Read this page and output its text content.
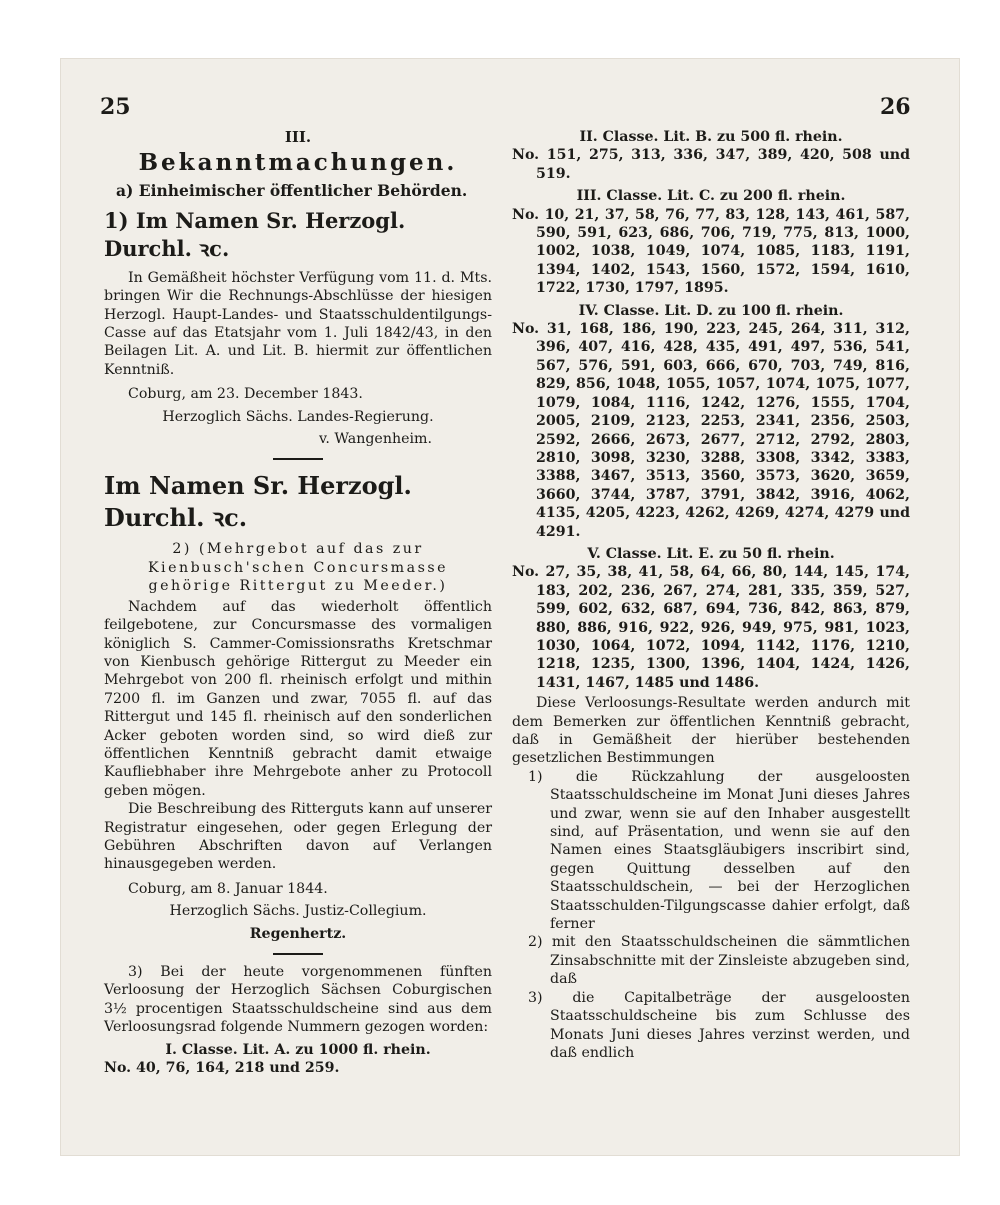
25	26
III.
Bekanntmachungen.
a) Einheimischer öffentlicher Behörden.
1) Im Namen Sr. Herzogl. Durchl. ꝛc.

In Gemäßheit höchster Verfügung vom 11. d. Mts. bringen Wir die Rechnungs-Abschlüsse der hiesigen Herzogl. Haupt-Landes- und Staatsschuldentilgungs-Casse auf das Etatsjahr vom 1. Juli 1842/43, in den Beilagen Lit. A. und Lit. B. hiermit zur öffentlichen Kenntniß.

Coburg, am 23. December 1843.
Herzoglich Sächs. Landes-Regierung.
v. Wangenheim.
Im Namen Sr. Herzogl. Durchl. ꝛc.

2) (Mehrgebot auf das zur Kienbusch'schen Concursmasse gehörige Rittergut zu Meeder.)

Nachdem auf das wiederholt öffentlich feilgebotene, zur Concursmasse des vormaligen königlich S. Cammer-Comissionsraths Kretschmar von Kienbusch gehörige Rittergut zu Meeder ein Mehrgebot von 200 fl. rheinisch erfolgt und mithin 7200 fl. im Ganzen und zwar, 7055 fl. auf das Rittergut und 145 fl. rheinisch auf den sonderlichen Acker geboten worden sind, so wird dieß zur öffentlichen Kenntniß gebracht damit etwaige Kaufliebhaber ihre Mehrgebote anher zu Protocoll geben mögen.

Die Beschreibung des Ritterguts kann auf unserer Registratur eingesehen, oder gegen Erlegung der Gebühren Abschriften davon auf Verlangen hinausgegeben werden.

Coburg, am 8. Januar 1844.
Herzoglich Sächs. Justiz-Collegium.
Regenhertz.

3) Bei der heute vorgenommenen fünften Verloosung der Herzoglich Sächsen Coburgischen 3½ procentigen Staatsschuldscheine sind aus dem Verloosungsrad folgende Nummern gezogen worden:

I. Classe. Lit. A. zu 1000 fl. rhein.

No. 40, 76, 164, 218 und 259.

II. Classe. Lit. B. zu 500 fl. rhein.

No. 151, 275, 313, 336, 347, 389, 420, 508 und 519.

III. Classe. Lit. C. zu 200 fl. rhein.

No. 10, 21, 37, 58, 76, 77, 83, 128, 143, 461, 587, 590, 591, 623, 686, 706, 719, 775, 813, 1000, 1002, 1038, 1049, 1074, 1085, 1183, 1191, 1394, 1402, 1543, 1560, 1572, 1594, 1610, 1722, 1730, 1797, 1895.

IV. Classe. Lit. D. zu 100 fl. rhein.

No. 31, 168, 186, 190, 223, 245, 264, 311, 312, 396, 407, 416, 428, 435, 491, 497, 536, 541, 567, 576, 591, 603, 666, 670, 703, 749, 816, 829, 856, 1048, 1055, 1057, 1074, 1075, 1077, 1079, 1084, 1116, 1242, 1276, 1555, 1704, 2005, 2109, 2123, 2253, 2341, 2356, 2503, 2592, 2666, 2673, 2677, 2712, 2792, 2803, 2810, 3098, 3230, 3288, 3308, 3342, 3383, 3388, 3467, 3513, 3560, 3573, 3620, 3659, 3660, 3744, 3787, 3791, 3842, 3916, 4062, 4135, 4205, 4223, 4262, 4269, 4274, 4279 und 4291.

V. Classe. Lit. E. zu 50 fl. rhein.

No. 27, 35, 38, 41, 58, 64, 66, 80, 144, 145, 174, 183, 202, 236, 267, 274, 281, 335, 359, 527, 599, 602, 632, 687, 694, 736, 842, 863, 879, 880, 886, 916, 922, 926, 949, 975, 981, 1023, 1030, 1064, 1072, 1094, 1142, 1176, 1210, 1218, 1235, 1300, 1396, 1404, 1424, 1426, 1431, 1467, 1485 und 1486.

Diese Verloosungs-Resultate werden andurch mit dem Bemerken zur öffentlichen Kenntniß gebracht, daß in Gemäßheit der hierüber bestehenden gesetzlichen Bestimmungen

1) die Rückzahlung der ausgeloosten Staatsschuldscheine im Monat Juni dieses Jahres und zwar, wenn sie auf den Inhaber ausgestellt sind, auf Präsentation, und wenn sie auf den Namen eines Staatsgläubigers inscribirt sind, gegen Quittung desselben auf den Staatsschuldschein, — bei der Herzoglichen Staatsschulden-Tilgungscasse dahier erfolgt, daß ferner

2) mit den Staatsschuldscheinen die sämmtlichen Zinsabschnitte mit der Zinsleiste abzugeben sind, daß

3) die Capitalbeträge der ausgeloosten Staatsschuldscheine bis zum Schlusse des Monats Juni dieses Jahres verzinst werden, und daß endlich
